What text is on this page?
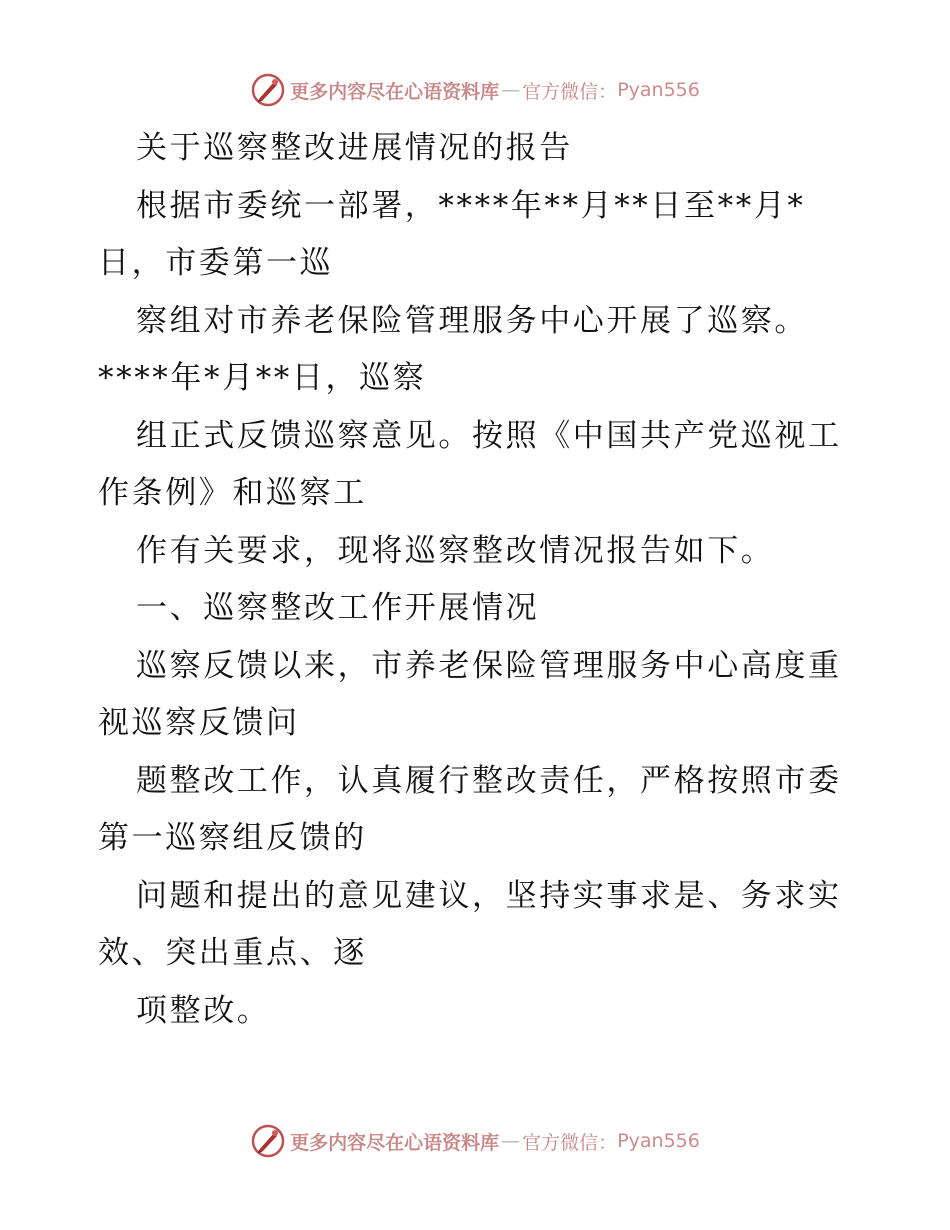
更多内容尽在心语资料库 — 官方微信： Pyan556
关于巡察整改进展情况的报告
根据市委统一部署，****年**月**日至**月*
日，市委第一巡
察组对市养老保险管理服务中心开展了巡察。
****年*月**日，巡察
组正式反馈巡察意见。按照《中国共产党巡视工
作条例》和巡察工
作有关要求，现将巡察整改情况报告如下。
一、巡察整改工作开展情况
巡察反馈以来，市养老保险管理服务中心高度重
视巡察反馈问
题整改工作，认真履行整改责任，严格按照市委
第一巡察组反馈的
问题和提出的意见建议，坚持实事求是、务求实
效、突出重点、逐
项整改。
更多内容尽在心语资料库 — 官方微信： Pyan556
